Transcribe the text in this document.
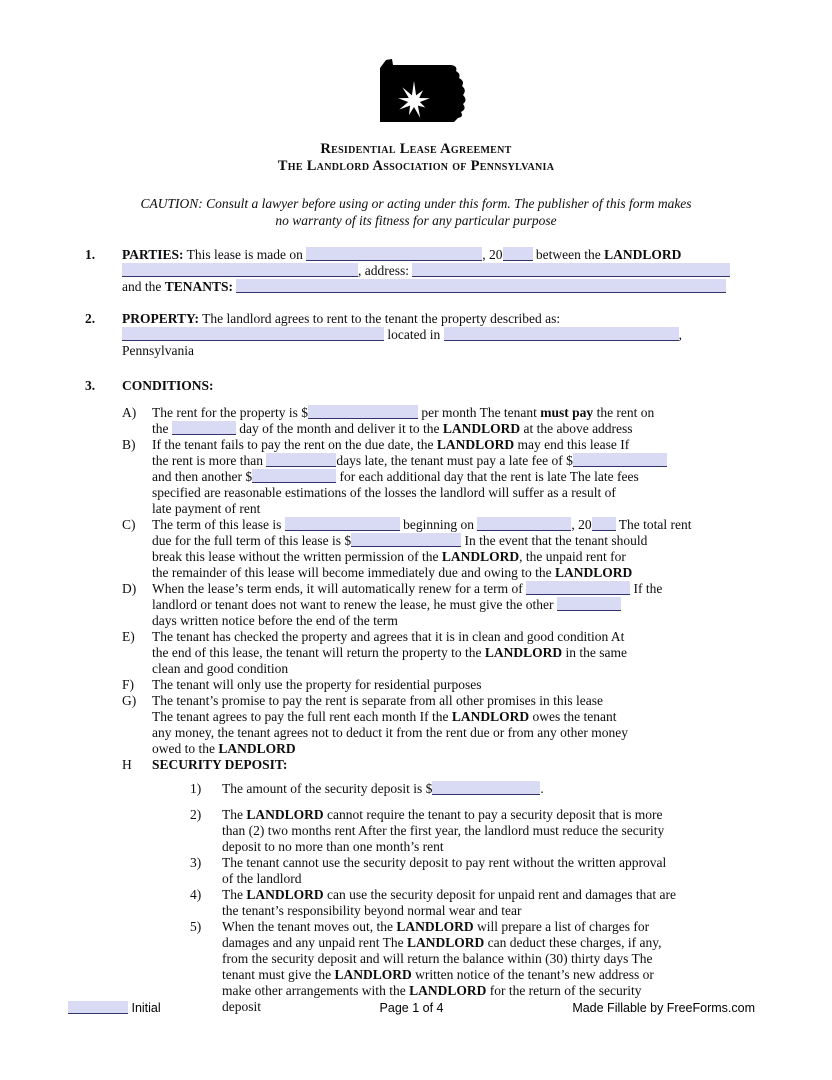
Residential Lease Agreement
The Landlord Association of Pennsylvania
CAUTION: Consult a lawyer before using or acting under this form. The publisher of this form makes
no warranty of its fitness for any particular purpose
1.	PARTIES: This lease is made on	, 20 between the LANDLORD
, address:
and the TENANTS:
2.	PROPERTY: The landlord agrees to rent to the tenant the property described as:
located in	, Pennsylvania
3.	CONDITIONS:
A)	The rent for the property is $	per month The tenant must pay the rent on
the	day of the month and deliver it to the LANDLORD at the above address
B)	If the tenant fails to pay the rent on the due date, the LANDLORD may end this lease If
the rent is more than	days late, the tenant must pay a late fee of $
and then another $	for each additional day that the rent is late The late fees
specified are reasonable estimations of the losses the landlord will suffer as a result of
late payment of rent
C)	The term of this lease is	beginning on	, 20 The total rent
due for the full term of this lease is $	In the event that the tenant should
break this lease without the written permission of the LANDLORD, the unpaid rent for
the remainder of this lease will become immediately due and owing to the LANDLORD
D)	When the lease’s term ends, it will automatically renew for a term of	If the
landlord or tenant does not want to renew the lease, he must give the other
days written notice before the end of the term
E)	The tenant has checked the property and agrees that it is in clean and good condition At
the end of this lease, the tenant will return the property to the LANDLORD in the same
clean and good condition
F)	The tenant will only use the property for residential purposes
G)	The tenant’s promise to pay the rent is separate from all other promises in this lease
The tenant agrees to pay the full rent each month If the LANDLORD owes the tenant
any money, the tenant agrees not to deduct it from the rent due or from any other money
owed to the LANDLORD
H	SECURITY DEPOSIT:
1)	The amount of the security deposit is $	.
2)	The LANDLORD cannot require the tenant to pay a security deposit that is more
than (2) two months rent After the first year, the landlord must reduce the security
deposit to no more than one month’s rent
3)	The tenant cannot use the security deposit to pay rent without the written approval
of the landlord
4)	The LANDLORD can use the security deposit for unpaid rent and damages that are
the tenant’s responsibility beyond normal wear and tear
5)	When the tenant moves out, the LANDLORD will prepare a list of charges for
damages and any unpaid rent The LANDLORD can deduct these charges, if any,
from the security deposit and will return the balance within (30) thirty days The
tenant must give the LANDLORD written notice of the tenant’s new address or
make other arrangements with the LANDLORD for the return of the security
deposit
Initial	Page 1 of 4	Made Fillable by FreeForms.com
